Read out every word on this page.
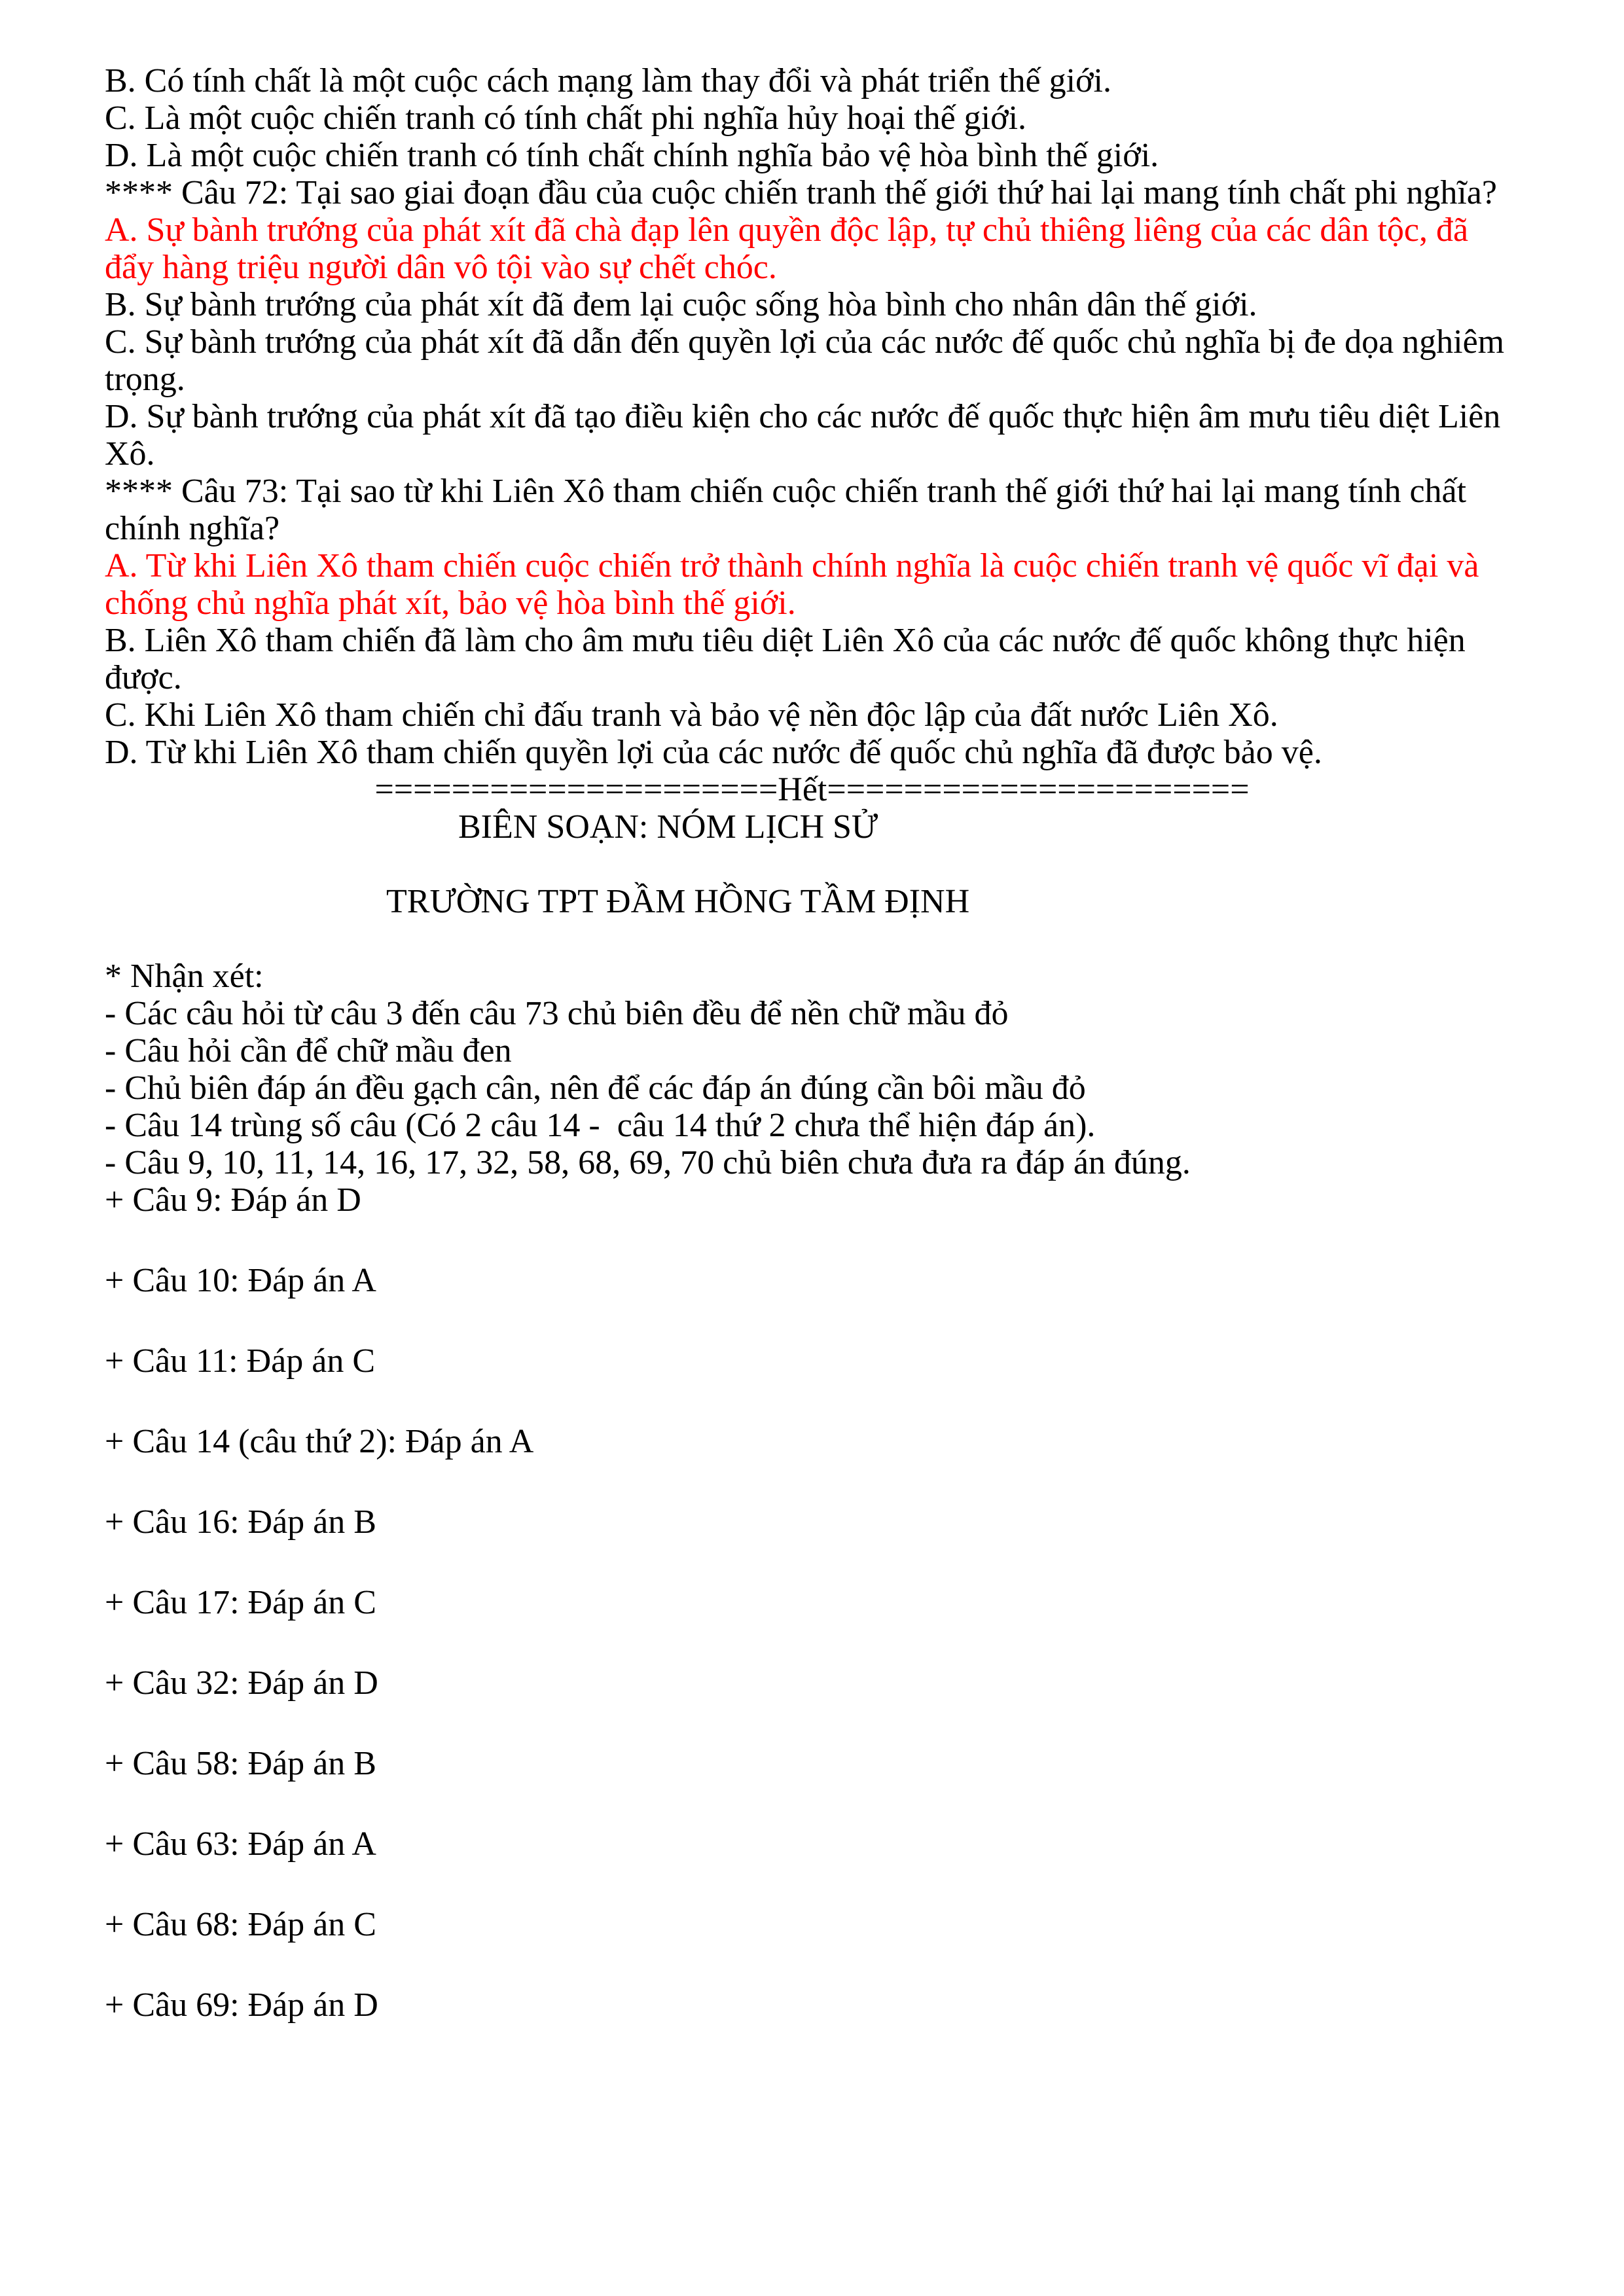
B. Có tính chất là một cuộc cách mạng làm thay đổi và phát triển thế giới.

C. Là một cuộc chiến tranh có tính chất phi nghĩa hủy hoại thế giới.

D. Là một cuộc chiến tranh có tính chất chính nghĩa bảo vệ hòa bình thế giới.

**** Câu 72: Tại sao giai đoạn đầu của cuộc chiến tranh thế giới thứ hai lại mang tính chất phi nghĩa?

A. Sự bành trướng của phát xít đã chà đạp lên quyền độc lập, tự chủ thiêng liêng của các dân tộc, đã đẩy hàng triệu người dân vô tội vào sự chết chóc.

B. Sự bành trướng của phát xít đã đem lại cuộc sống hòa bình cho nhân dân thế giới.

C. Sự bành trướng của phát xít đã dẫn đến quyền lợi của các nước đế quốc chủ nghĩa bị đe dọa nghiêm trọng.

D. Sự bành trướng của phát xít đã tạo điều kiện cho các nước đế quốc thực hiện âm mưu tiêu diệt Liên Xô.

**** Câu 73: Tại sao từ khi Liên Xô tham chiến cuộc chiến tranh thế giới thứ hai lại mang tính chất chính nghĩa?

A. Từ khi Liên Xô tham chiến cuộc chiến trở thành chính nghĩa là cuộc chiến tranh vệ quốc vĩ đại và chống chủ nghĩa phát xít, bảo vệ hòa bình thế giới.

B. Liên Xô tham chiến đã làm cho âm mưu tiêu diệt Liên Xô của các nước đế quốc không thực hiện được.

C. Khi Liên Xô tham chiến chỉ đấu tranh và bảo vệ nền độc lập của đất nước Liên Xô.

D. Từ khi Liên Xô tham chiến quyền lợi của các nước đế quốc chủ nghĩa đã được bảo vệ.

=====================Hết======================

BIÊN SOẠN: NÓM LỊCH SỬ

TRƯỜNG TPT ĐẦM HỒNG TẦM ĐỊNH

* Nhận xét:

- Các câu hỏi từ câu 3 đến câu 73 chủ biên đều để nền chữ mầu đỏ

- Câu hỏi cần để chữ mầu đen

- Chủ biên đáp án đều gạch cân, nên để các đáp án đúng cần bôi mầu đỏ

- Câu 14 trùng số câu (Có 2 câu 14 -  câu 14 thứ 2 chưa thể hiện đáp án).

- Câu 9, 10, 11, 14, 16, 17, 32, 58, 68, 69, 70 chủ biên chưa đưa ra đáp án đúng.

+ Câu 9: Đáp án D

+ Câu 10: Đáp án A

+ Câu 11: Đáp án C

+ Câu 14 (câu thứ 2): Đáp án A

+ Câu 16: Đáp án B

+ Câu 17: Đáp án C

+ Câu 32: Đáp án D

+ Câu 58: Đáp án B

+ Câu 63: Đáp án A

+ Câu 68: Đáp án C

+ Câu 69: Đáp án D
